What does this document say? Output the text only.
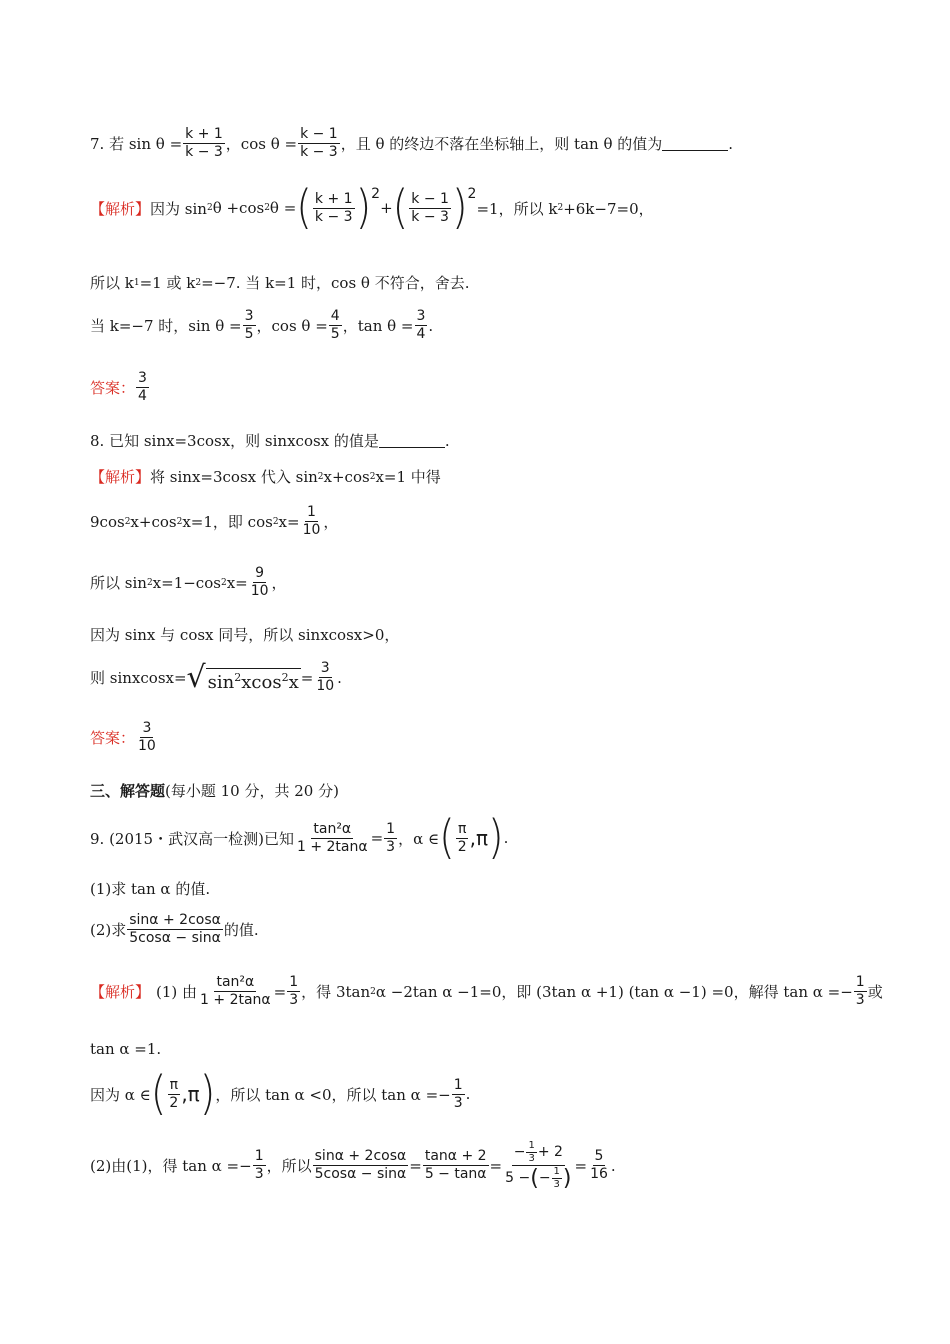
7. 若 $\sin \theta = \frac{k + 1}{k - 3}$ ，$\cos \theta = \frac{k - 1}{k - 3}$ ，且 θ 的终边不落在坐标轴上，则 tan θ 的值为	.
【解析】 因为 sin 2 θ +cos 2 θ = ( $\frac{k + 1}{k - 3}$ ) 2
+ ( $\frac{k - 1}{k - 3}$ ) 2
=1，所以 k 2 +6k−7=0，
所以 k 1 =1 或 k 2 =−7. 当 k=1 时，cos θ 不符合，舍去.
当 k=−7 时，$\sin \theta = \frac{3}{5}$ ，$\cos \theta = \frac{4}{5}$ ，$\tan \theta = \frac{3}{4}$ .
答案： $\frac{3}{4}$
8. 已知 sinx=3cosx，则 sinxcosx 的值是	.
【解析】 将 sinx=3cosx 代入 sin 2 x+cos 2 x=1 中得
9cos 2 x+cos 2 x=1，即 cos 2 $x= \frac{1}{10}$ ，
所以 sin 2 x=1−cos 2 $x= \frac{9}{10}$ ，
因为 sinx 与 cosx 同号，所以 sinxcosx>0，
则 sinxcosx= √ $\sin^2xcos^2x = \frac{3}{10}$ .
答案： $\frac{3}{10}$
三、解答题 (每小题 10 分，共 20 分)
9. (2015・武汉高一检测)已知 $\frac{\text{tan²α}}{1 + 2\tan\alpha} = \frac{1}{3}$ ，α ∈ ( $\frac{\pi}{2}$ , π ) .
(1)求 tan α 的值.
(2)求 $\frac{\sin\alpha + 2\cos\alpha}{5\cos\alpha - \sin\alpha}$ 的值.
【解析】 (1) 由 $\frac{\text{tan²α}}{1 + 2\tan\alpha} = \frac{1}{3}$ ，得 3tan 2 α −2tan α −1=0，即 (3tan α +1) (tan α −1) =0，解得 $\tan \alpha =- \frac{1}{3}$ 或
tan α =1.
因为 α ∈ ( $\frac{\pi}{2}$ , π ) ，所以 tan α <0，所以 $\tan \alpha =- \frac{1}{3}$ .
(2)由(1)，得 $\tan \alpha =- \frac{1}{3}$ ，所以 $\frac{\sin\alpha + 2\cos\alpha}{5\cos\alpha - \sin\alpha} = \frac{\tan\alpha + 2}{5 - \tan\alpha} = \frac{- \frac{1}{3} + 2}{5 - ( - \frac{1}{3} )} = \frac{5}{16}$ .
